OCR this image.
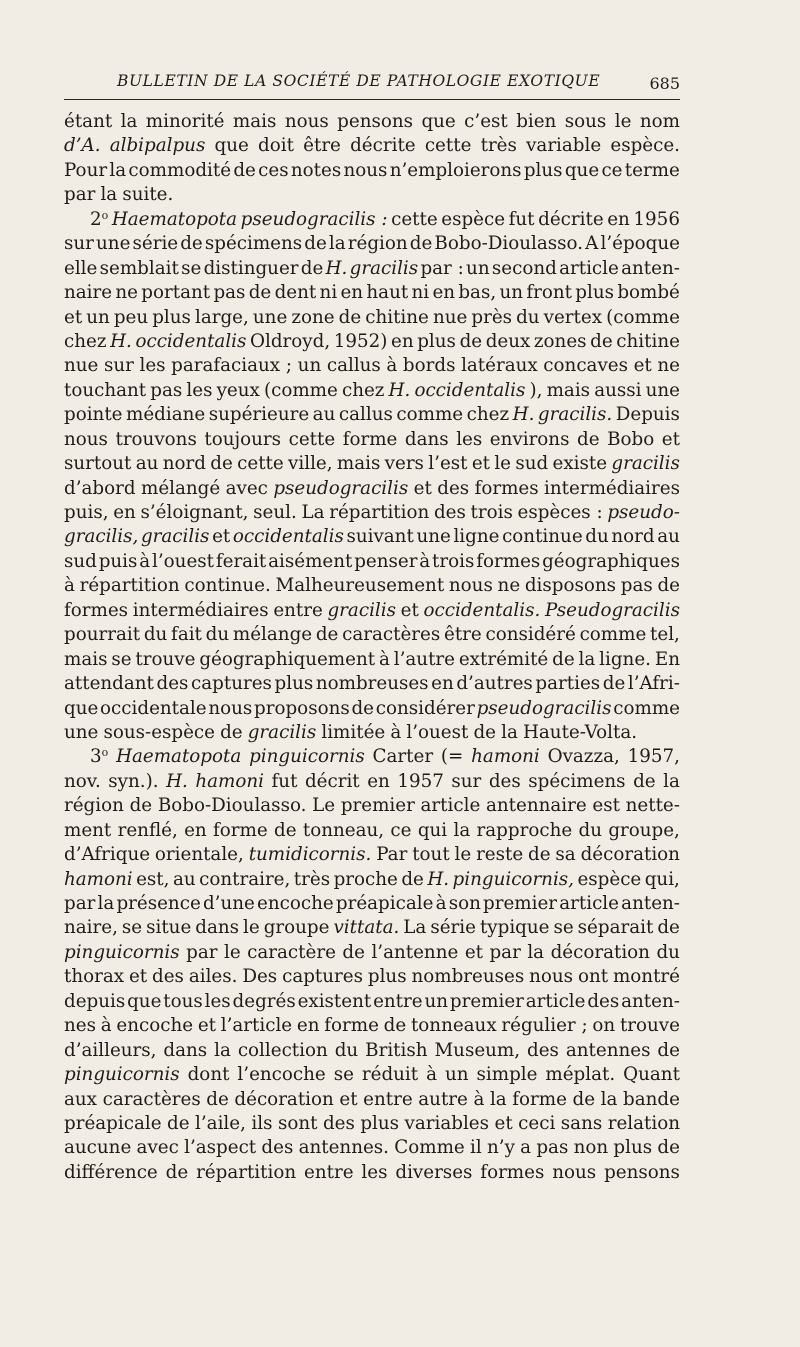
BULLETIN DE LA SOCIÉTÉ DE PATHOLOGIE EXOTIQUE	685
étant la minorité mais nous pensons que c’est bien sous le nom
d’A. albipalpus que doit être décrite cette très variable espèce.
Pour la commodité de ces notes nous n’emploierons plus que ce terme
par la suite.
2$^o$ Haematopota pseudogracilis : cette espèce fut décrite en 1956
sur une série de spécimens de la région de Bobo-Dioulasso. A l’époque
elle semblait se distinguer de H. gracilis par : un second article anten-
naire ne portant pas de dent ni en haut ni en bas, un front plus bombé
et un peu plus large, une zone de chitine nue près du vertex (comme
chez H. occidentalis Oldroyd, 1952) en plus de deux zones de chitine
nue sur les parafaciaux ; un callus à bords latéraux concaves et ne
touchant pas les yeux (comme chez H. occidentalis ), mais aussi une
pointe médiane supérieure au callus comme chez H. gracilis. Depuis
nous trouvons toujours cette forme dans les environs de Bobo et
surtout au nord de cette ville, mais vers l’est et le sud existe gracilis
d’abord mélangé avec pseudogracilis et des formes intermédiaires
puis, en s’éloignant, seul. La répartition des trois espèces : pseudo-
gracilis, gracilis et occidentalis suivant une ligne continue du nord au
sud puis à l’ouest ferait aisément penser à trois formes géographiques
à répartition continue. Malheureusement nous ne disposons pas de
formes intermédiaires entre gracilis et occidentalis. Pseudogracilis
pourrait du fait du mélange de caractères être considéré comme tel,
mais se trouve géographiquement à l’autre extrémité de la ligne. En
attendant des captures plus nombreuses en d’autres parties de l’Afri-
que occidentale nous proposons de considérer pseudogracilis comme
une sous-espèce de gracilis limitée à l’ouest de la Haute-Volta.
3$^o$ Haematopota pinguicornis Carter (= hamoni Ovazza, 1957,
nov. syn.). H. hamoni fut décrit en 1957 sur des spécimens de la
région de Bobo-Dioulasso. Le premier article antennaire est nette-
ment renflé, en forme de tonneau, ce qui la rapproche du groupe,
d’Afrique orientale, tumidicornis. Par tout le reste de sa décoration
hamoni est, au contraire, très proche de H. pinguicornis, espèce qui,
par la présence d’une encoche préapicale à son premier article anten-
naire, se situe dans le groupe vittata. La série typique se séparait de
pinguicornis par le caractère de l’antenne et par la décoration du
thorax et des ailes. Des captures plus nombreuses nous ont montré
depuis que tous les degrés existent entre un premier article des anten-
nes à encoche et l’article en forme de tonneaux régulier ; on trouve
d’ailleurs, dans la collection du British Museum, des antennes de
pinguicornis dont l’encoche se réduit à un simple méplat. Quant
aux caractères de décoration et entre autre à la forme de la bande
préapicale de l’aile, ils sont des plus variables et ceci sans relation
aucune avec l’aspect des antennes. Comme il n’y a pas non plus de
différence de répartition entre les diverses formes nous pensons
